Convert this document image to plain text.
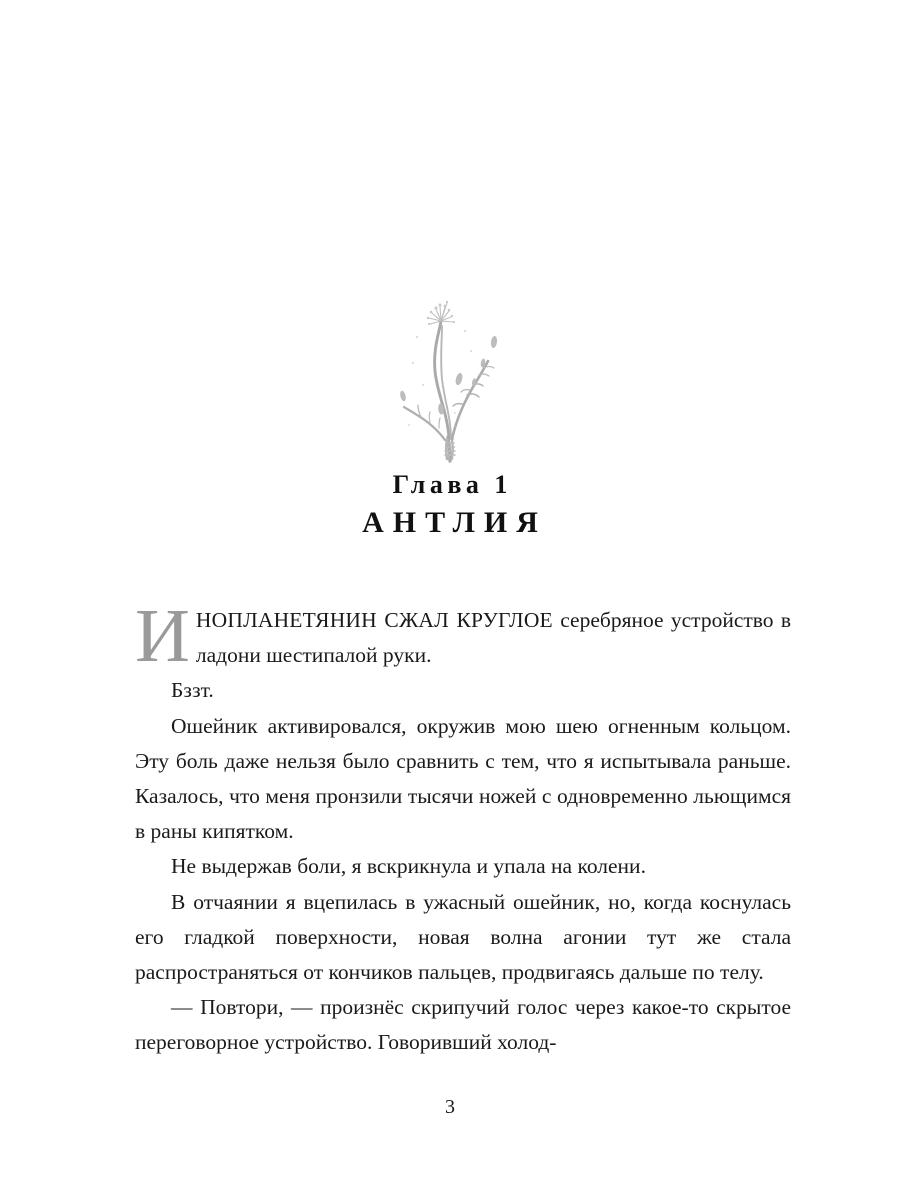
Глава 1
АНТЛИЯ

ИНОПЛАНЕТЯНИН СЖАЛ КРУГЛОЕ серебряное устройство в ладони шестипалой руки.

Бззт.

Ошейник активировался, окружив мою шею огненным кольцом. Эту боль даже нельзя было сравнить с тем, что я испытывала раньше. Казалось, что меня пронзили тысячи ножей с одновременно льющимся в раны кипятком.

Не выдержав боли, я вскрикнула и упала на колени.

В отчаянии я вцепилась в ужасный ошейник, но, когда коснулась его гладкой поверхности, новая волна агонии тут же стала распространяться от кончиков пальцев, продвигаясь дальше по телу.

— Повтори, — произнёс скрипучий голос через какое-то скрытое переговорное устройство. Говоривший холод-

3
